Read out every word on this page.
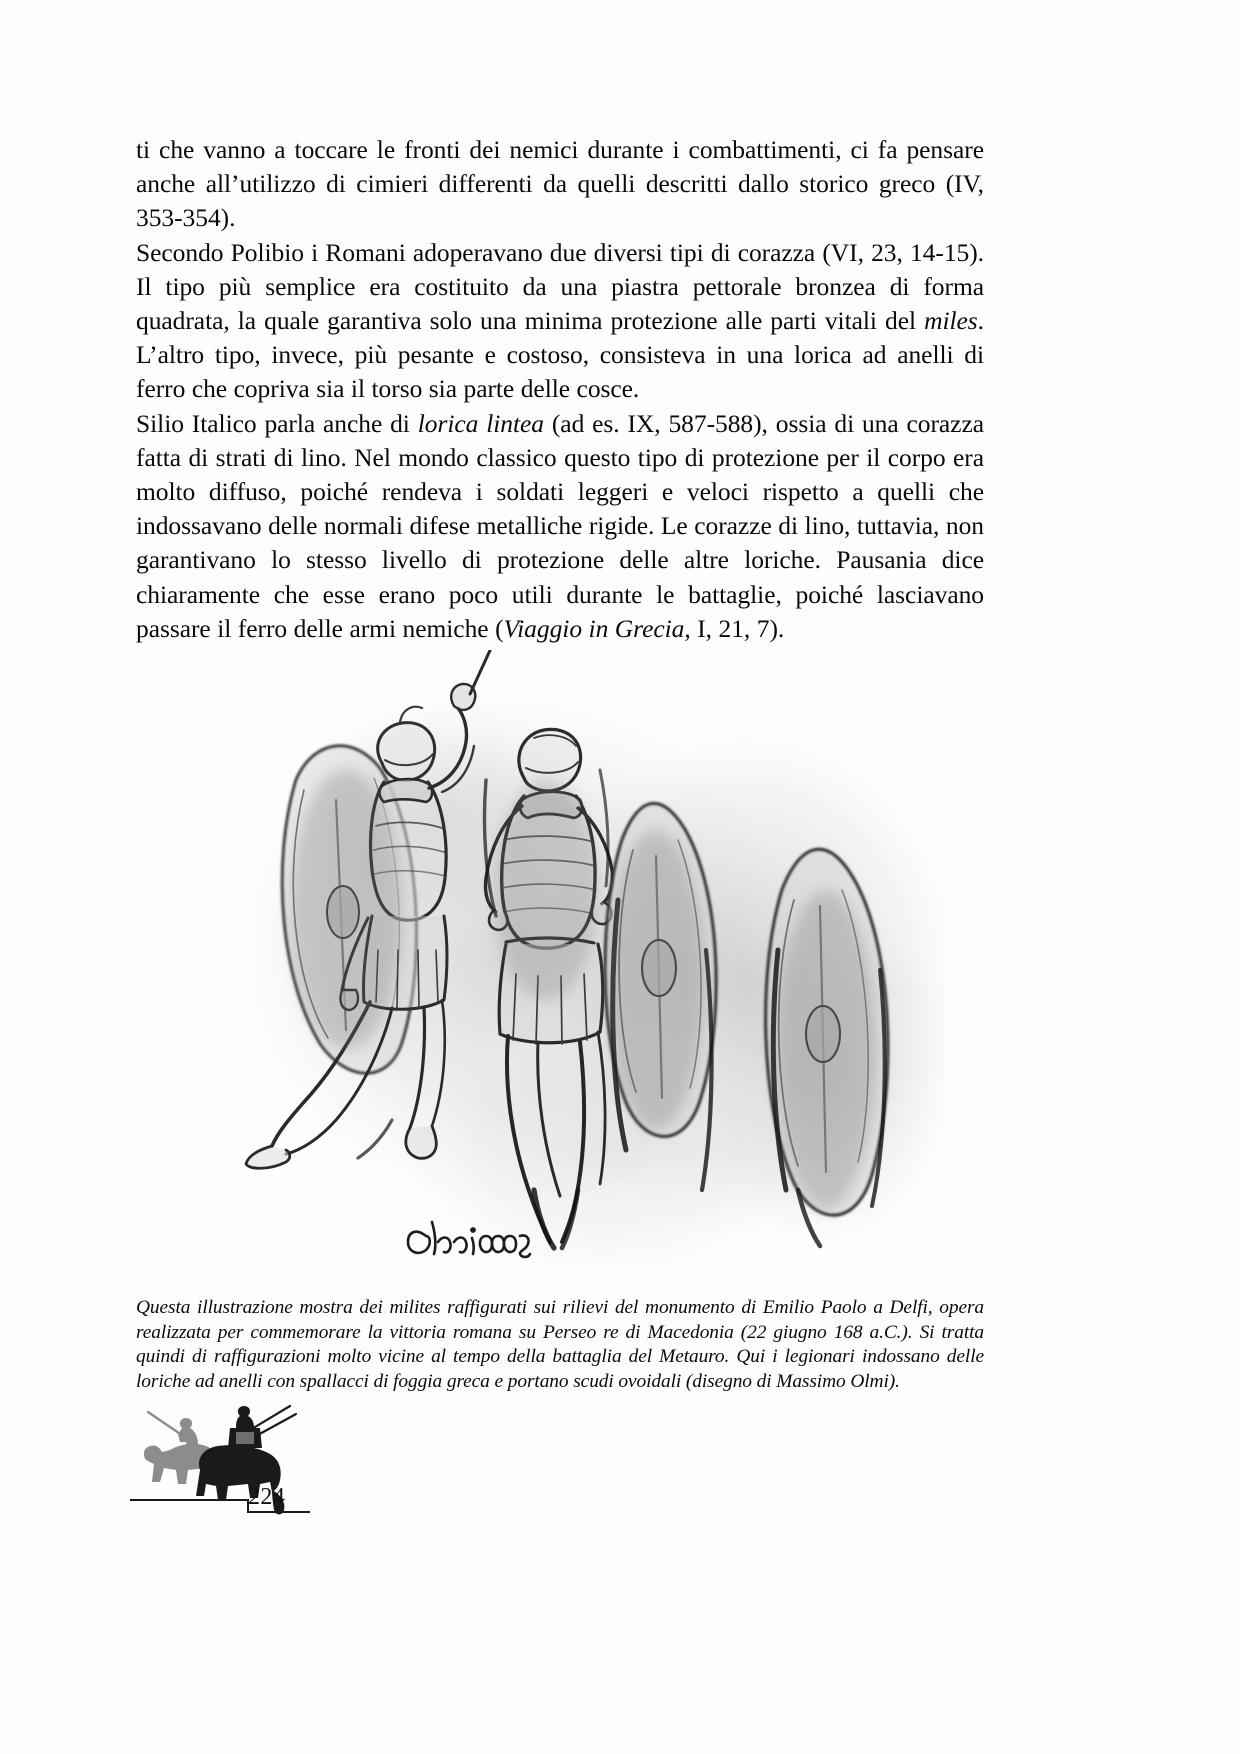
ti che vanno a toccare le fronti dei nemici durante i combattimenti, ci fa pensare anche all’utilizzo di cimieri differenti da quelli descritti dallo storico greco (IV, 353-354).

Secondo Polibio i Romani adoperavano due diversi tipi di corazza (VI, 23, 14-15). Il tipo più semplice era costituito da una piastra pettorale bronzea di forma quadrata, la quale garantiva solo una minima protezione alle parti vitali del miles. L’altro tipo, invece, più pesante e costoso, consisteva in una lorica ad anelli di ferro che copriva sia il torso sia parte delle cosce.

Silio Italico parla anche di lorica lintea (ad es. IX, 587-588), ossia di una corazza fatta di strati di lino. Nel mondo classico questo tipo di protezione per il corpo era molto diffuso, poiché rendeva i soldati leggeri e veloci rispetto a quelli che indossavano delle normali difese metalliche rigide. Le corazze di lino, tuttavia, non garantivano lo stesso livello di protezione delle altre loriche. Pausania dice chiaramente che esse erano poco utili durante le battaglie, poiché lasciavano passare il ferro delle armi nemiche (Viaggio in Grecia, I, 21, 7).

Questa illustrazione mostra dei milites raffigurati sui rilievi del monumento di Emilio Paolo a Delfi, opera realizzata per commemorare la vittoria romana su Perseo re di Macedonia (22 giugno 168 a.C.). Si tratta quindi di raffigurazioni molto vicine al tempo della battaglia del Metauro. Qui i legionari indossano delle loriche ad anelli con spallacci di foggia greca e portano scudi ovoidali (disegno di Massimo Olmi).

224
